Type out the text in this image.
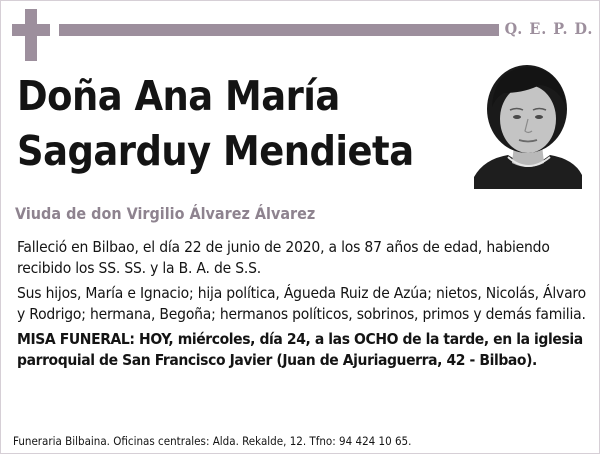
Q. E. P. D.
Doña Ana María
Sagarduy Mendieta
Viuda de don Virgilio Álvarez Álvarez

Falleció en Bilbao, el día 22 de junio de 2020, a los 87 años de edad, habiendo recibido los SS. SS. y la B. A. de S.S.

Sus hijos, María e Ignacio; hija política, Águeda Ruiz de Azúa; nietos, Nicolás, Álvaro y Rodrigo; hermana, Begoña; hermanos políticos, sobrinos, primos y demás familia.

MISA FUNERAL: HOY, miércoles, día 24, a las OCHO de la tarde, en la iglesia parroquial de San Francisco Javier (Juan de Ajuriaguerra, 42 - Bilbao).

Funeraria Bilbaina. Oficinas centrales: Alda. Rekalde, 12. Tfno: 94 424 10 65.
